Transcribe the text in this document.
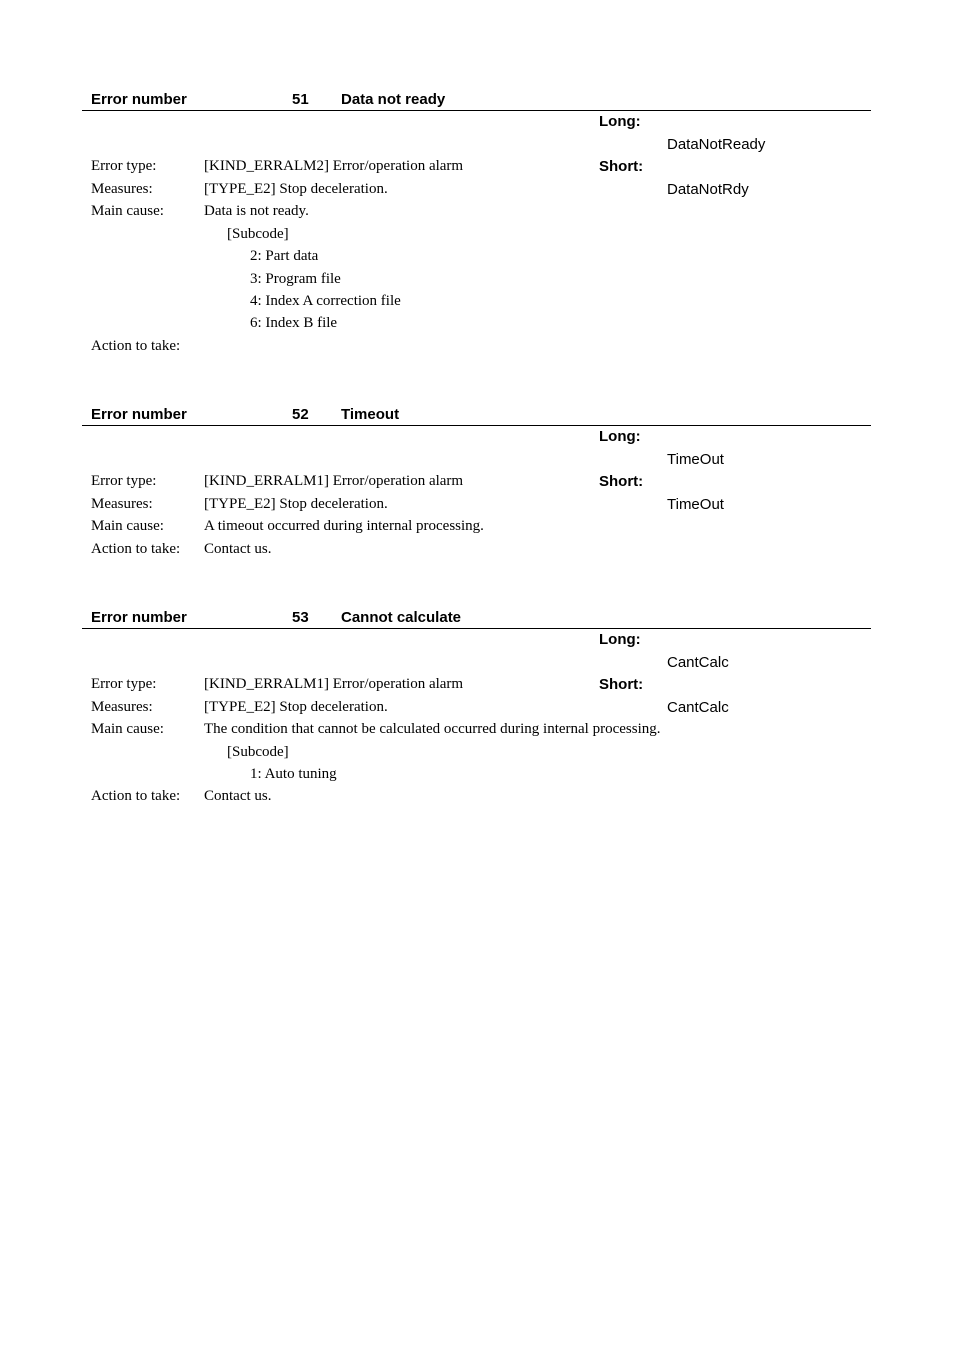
Error number	51 Data not ready
Long:
DataNotReady
Short:
DataNotRdy
Error type:	[KIND_ERRALM2] Error/operation alarm
Measures:	[TYPE_E2] Stop deceleration.
Main cause:	Data is not ready.
[Subcode]
2: Part data
3: Program file
4: Index A correction file
6: Index B file
Action to take:
Error number	52 Timeout
Long:
TimeOut
Short:
TimeOut
Error type:	[KIND_ERRALM1] Error/operation alarm
Measures:	[TYPE_E2] Stop deceleration.
Main cause:	A timeout occurred during internal processing.
Action to take: Contact us.
Error number	53 Cannot calculate
Long:
CantCalc
Short:
CantCalc
Error type:	[KIND_ERRALM1] Error/operation alarm
Measures:	[TYPE_E2] Stop deceleration.
Main cause:	The condition that cannot be calculated occurred during internal processing.
[Subcode]
1: Auto tuning
Action to take: Contact us.
